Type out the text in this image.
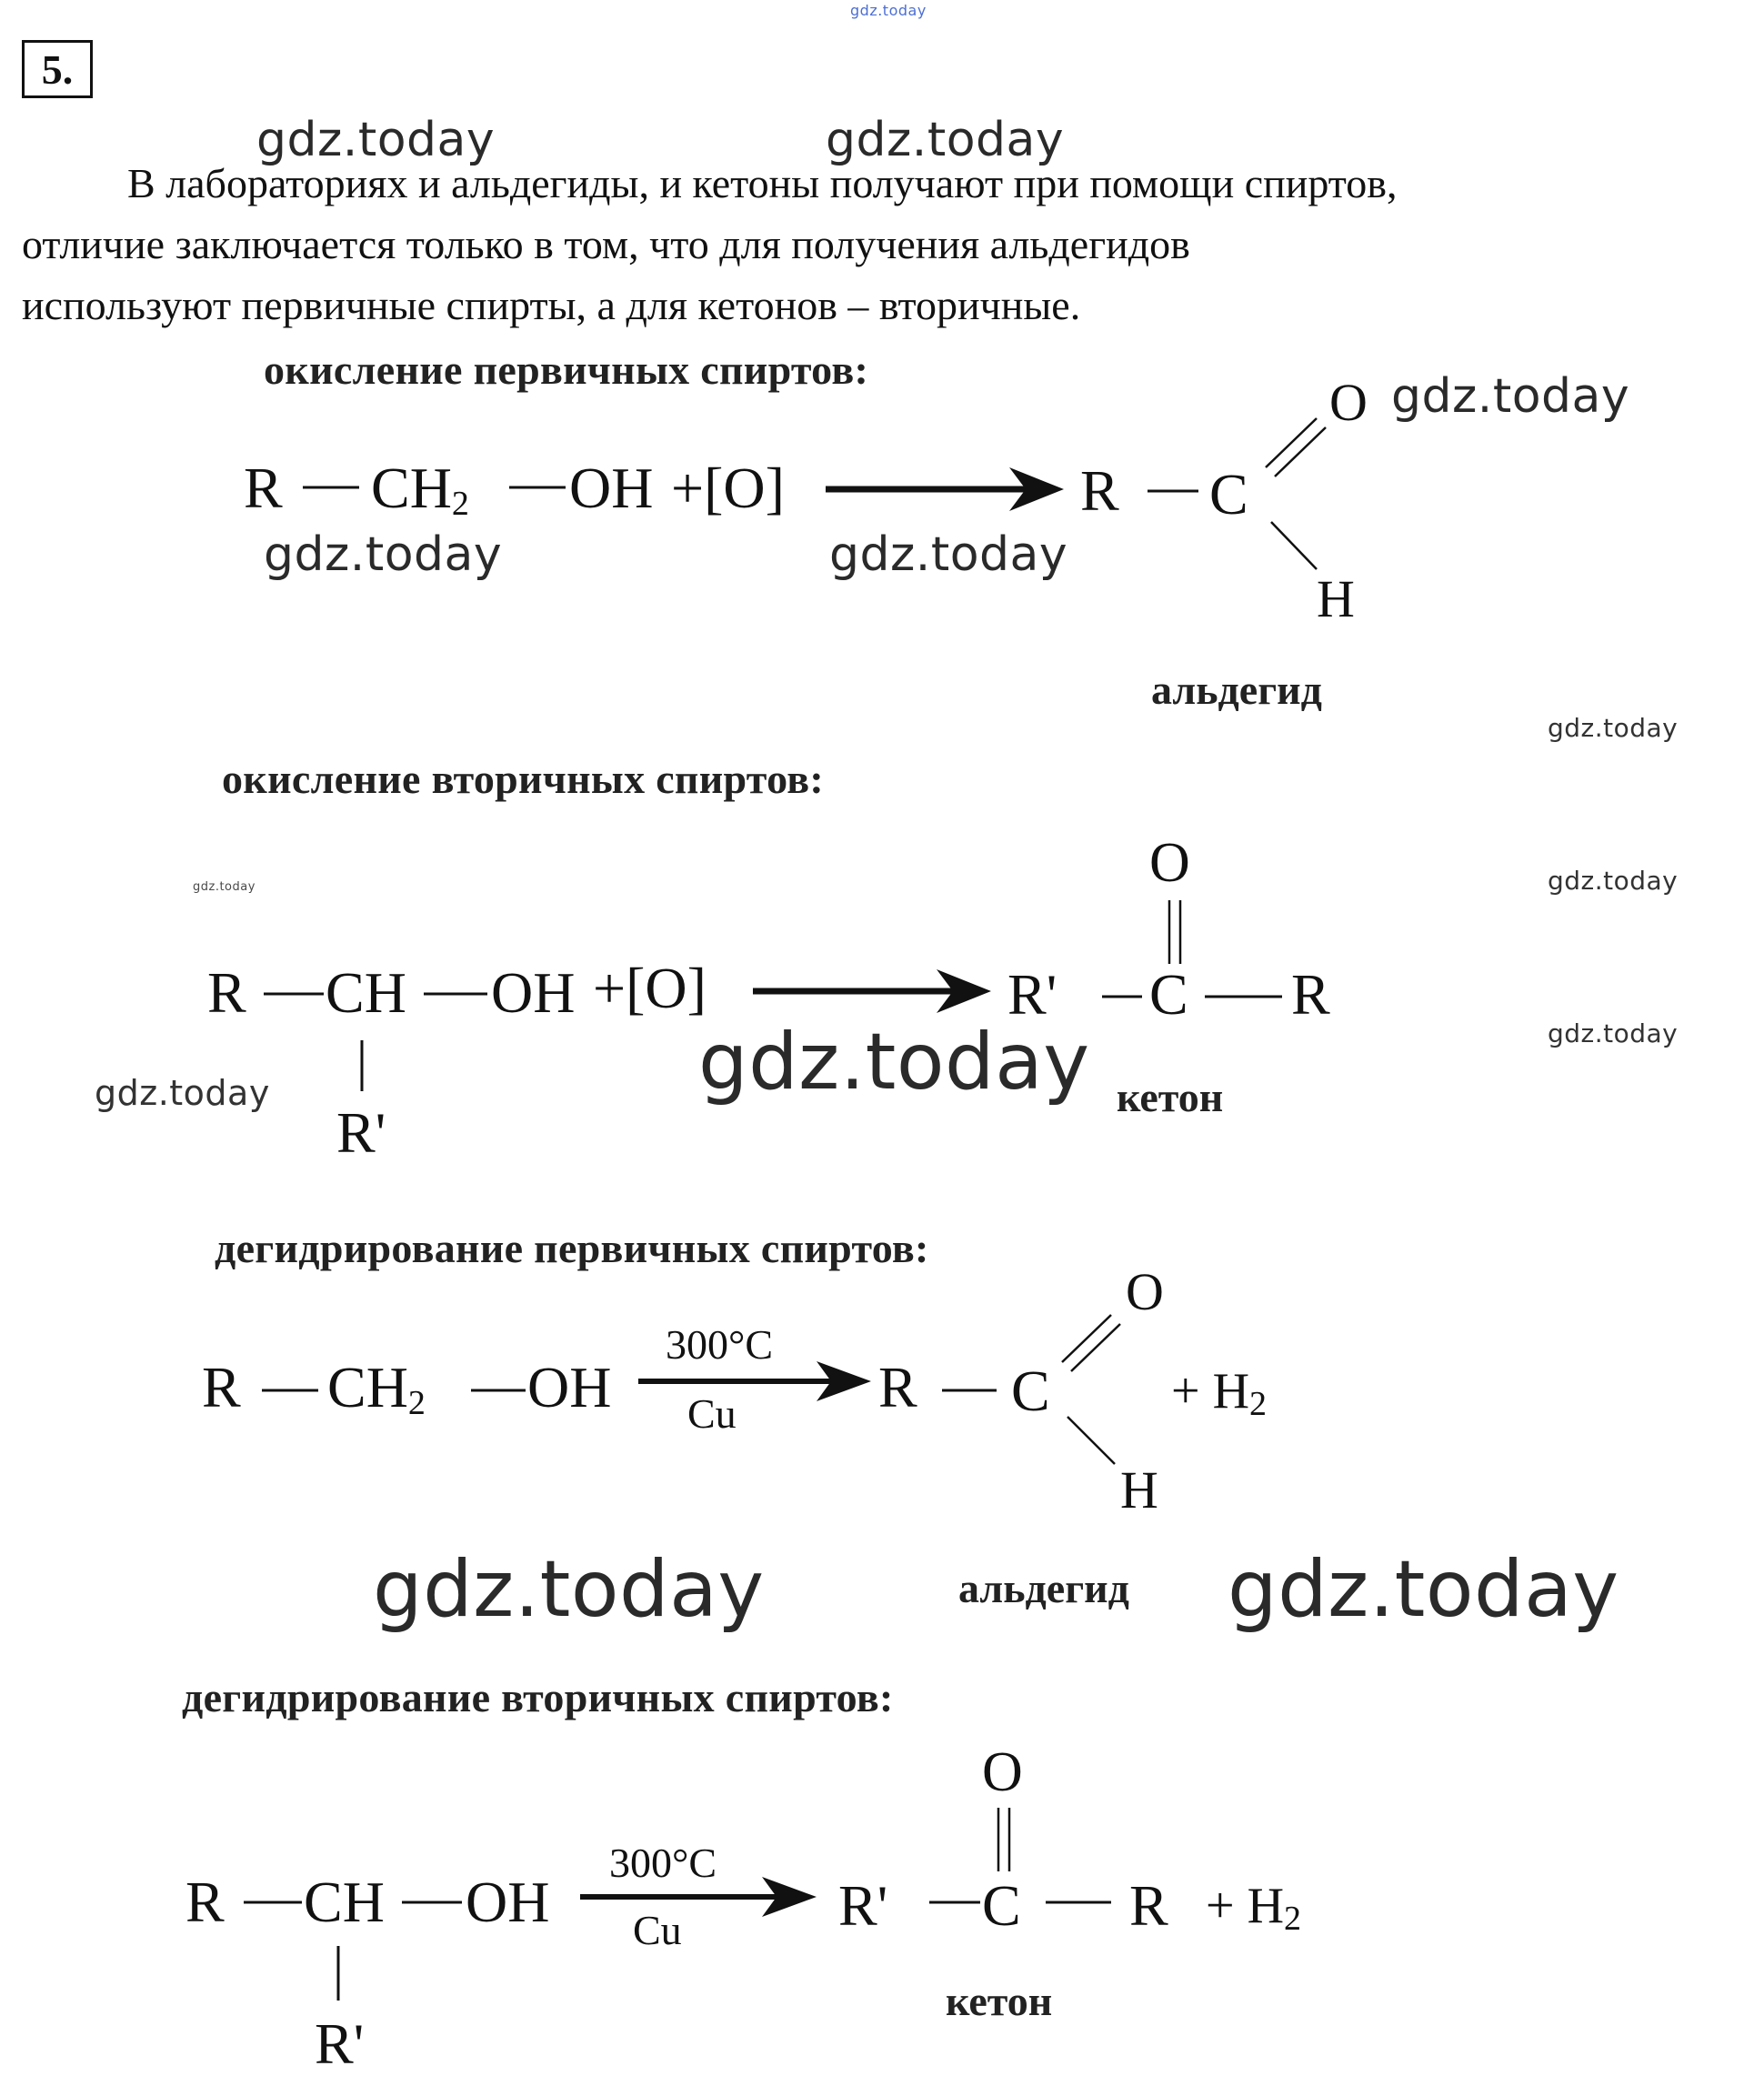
gdz.today
5.
В лабораториях и альдегиды, и кетоны получают при помощи спиртов,
отличие заключается только в том, что для получения альдегидов
используют первичные спирты, а для кетонов – вторичные.
gdz.today	gdz.today
окисление первичных спиртов:
R $CH_2$ OH +[O]	R C
O
H
альдегид
gdz.today
gdz.today	gdz.today
gdz.today
окисление вторичных спиртов:
R CH OH +[O]
R'
R' C R
O
кетон
gdz.today	gdz.today
gdz.today
gdz.today
gdz.today
дегидрирование первичных спиртов:
R $CH_2$ OH
300°C
Cu R C
O
H
+ $H_2$
альдегид
gdz.today	gdz.today
дегидрирование вторичных спиртов:
R CH OH
R'
300°C
Cu	R' C R
O
+ $H_2$
кетон
